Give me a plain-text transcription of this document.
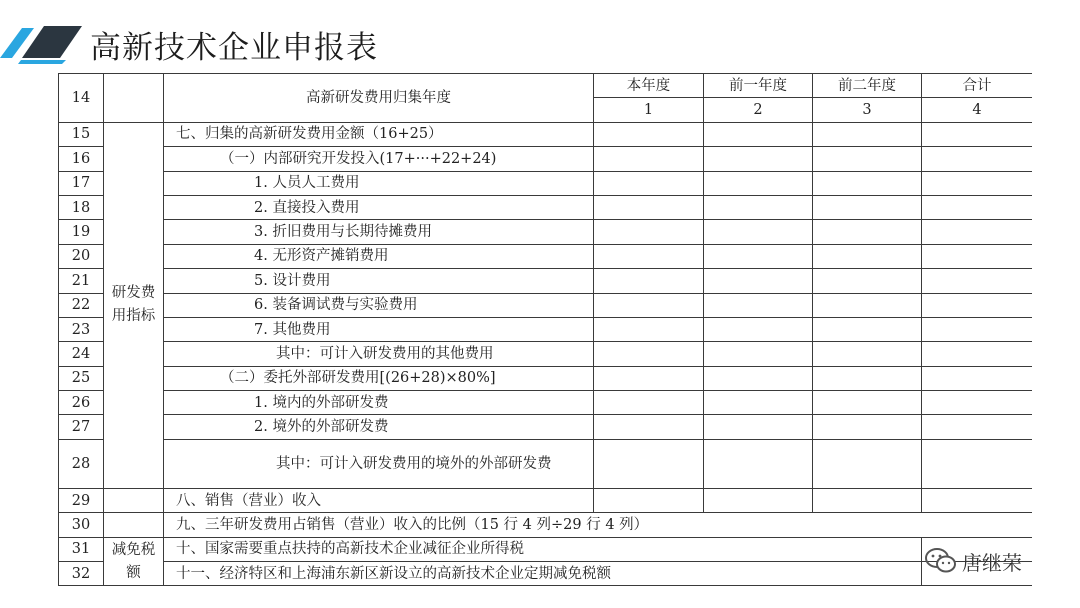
高新技术企业申报表
14		高新研发费用归集年度	本年度	前一年度	前二年度	合计
			1	2	3	4
15	研发费用指标	七、归集的高新研发费用金额（16+25）				
16		（一）内部研究开发投入(17+···+22+24)				
17		1. 人员人工费用				
18		2. 直接投入费用				
19		3. 折旧费用与长期待摊费用				
20		4. 无形资产摊销费用				
21		5. 设计费用				
22		6. 装备调试费与实验费用				
23		7. 其他费用				
24		其中：可计入研发费用的其他费用				
25		（二）委托外部研发费用[(26+28)×80%]				
26		1. 境内的外部研发费				
27		2. 境外的外部研发费				
28		其中：可计入研发费用的境外的外部研发费				
29		八、销售（营业）收入				
30		九、三年研发费用占销售（营业）收入的比例（15 行 4 列÷29 行 4 列）				
31	减免税额	十、国家需要重点扶持的高新技术企业减征企业所得税				
32		十一、经济特区和上海浦东新区新设立的高新技术企业定期减免税额					唐继荣
